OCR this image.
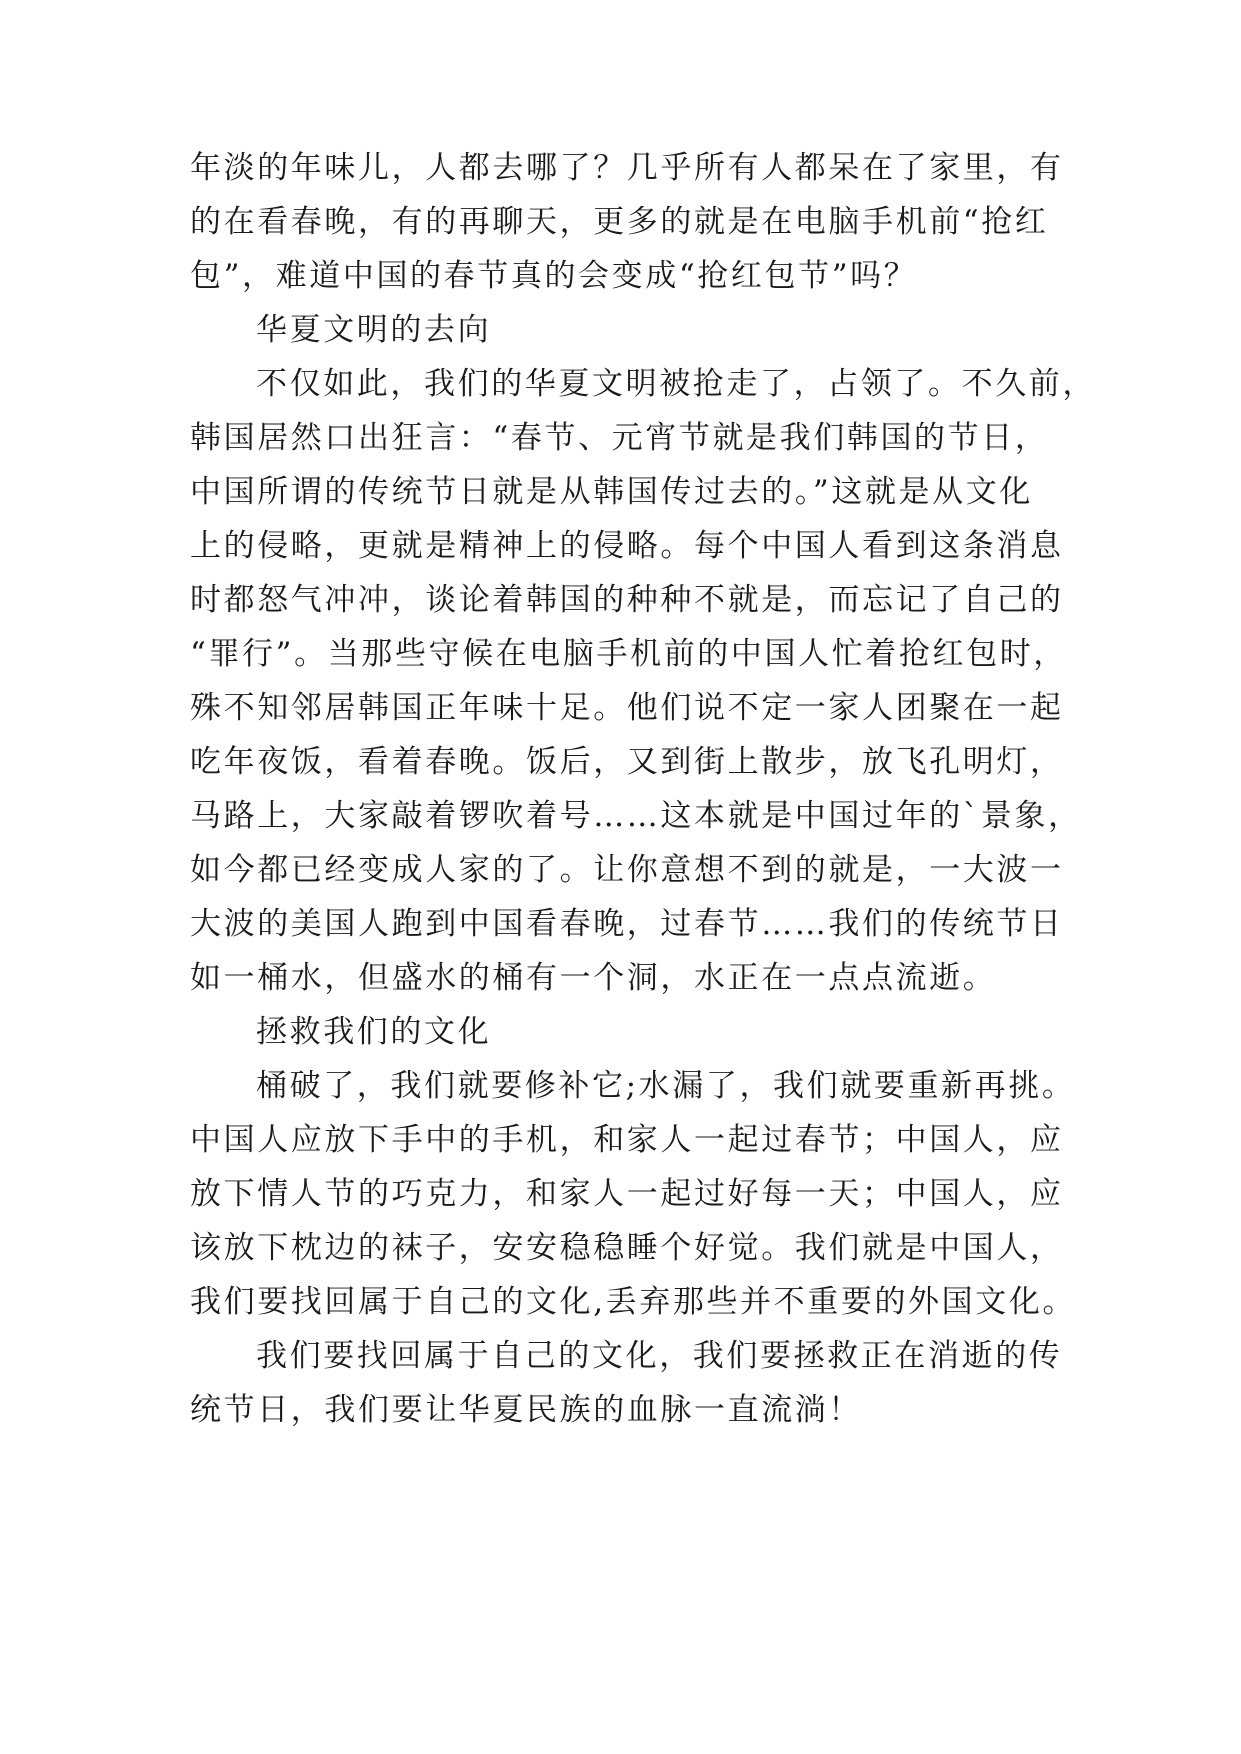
年淡的年味儿，人都去哪了？几乎所有人都呆在了家里，有
的在看春晚，有的再聊天，更多的就是在电脑手机前“抢红
包”，难道中国的春节真的会变成“抢红包节”吗？
华夏文明的去向
不仅如此，我们的华夏文明被抢走了，占领了。不久前，
韩国居然口出狂言：“春节、元宵节就是我们韩国的节日，
中国所谓的传统节日就是从韩国传过去的。”这就是从文化
上的侵略，更就是精神上的侵略。每个中国人看到这条消息
时都怒气冲冲，谈论着韩国的种种不就是，而忘记了自己的
“罪行”。当那些守候在电脑手机前的中国人忙着抢红包时，
殊不知邻居韩国正年味十足。他们说不定一家人团聚在一起
吃年夜饭，看着春晚。饭后，又到街上散步，放飞孔明灯，
马路上，大家敲着锣吹着号……这本就是中国过年的`景象，
如今都已经变成人家的了。让你意想不到的就是，一大波一
大波的美国人跑到中国看春晚，过春节……我们的传统节日
如一桶水，但盛水的桶有一个洞，水正在一点点流逝。
拯救我们的文化
桶破了，我们就要修补它;水漏了，我们就要重新再挑。
中国人应放下手中的手机，和家人一起过春节；中国人，应
放下情人节的巧克力，和家人一起过好每一天；中国人，应
该放下枕边的袜子，安安稳稳睡个好觉。我们就是中国人，
我们要找回属于自己的文化,丢弃那些并不重要的外国文化。
我们要找回属于自己的文化，我们要拯救正在消逝的传
统节日，我们要让华夏民族的血脉一直流淌！
